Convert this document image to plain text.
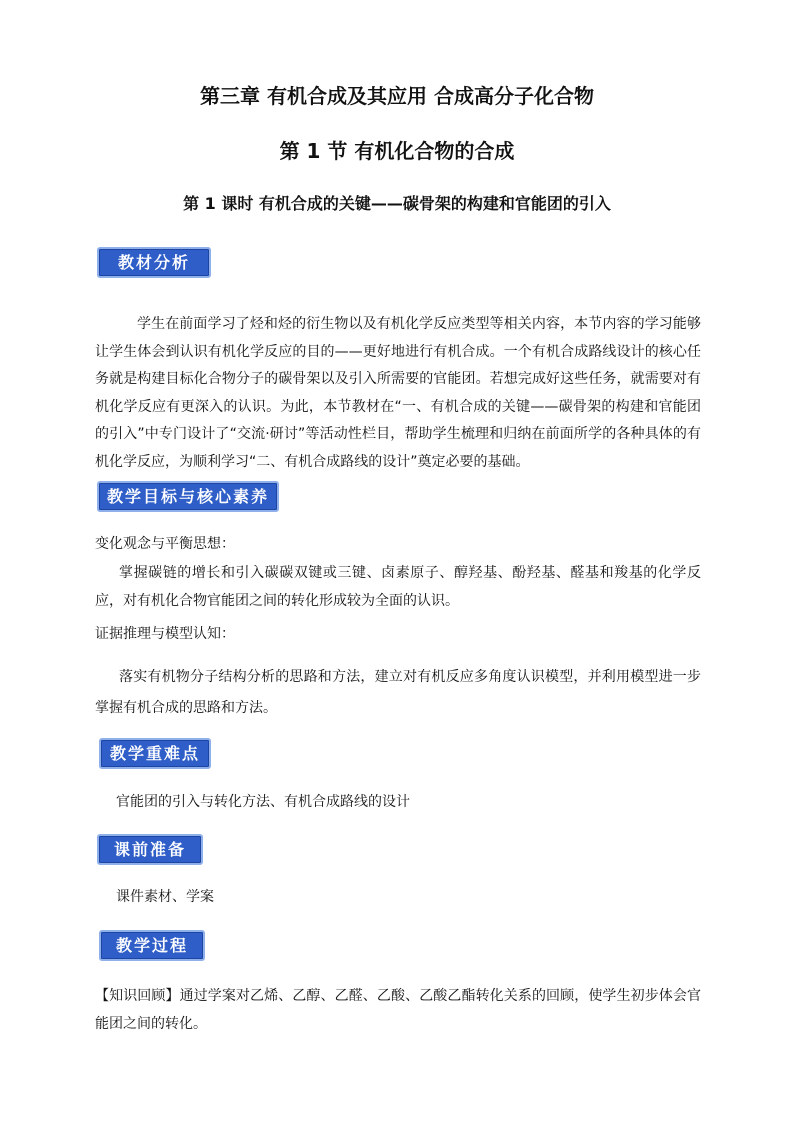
第三章 有机合成及其应用 合成高分子化合物
第 1 节 有机化合物的合成
第 1 课时 有机合成的关键——碳骨架的构建和官能团的引入
教材分析
学生在前面学习了烃和烃的衍生物以及有机化学反应类型等相关内容，本节内容的学习能够让学生体会到认识有机化学反应的目的——更好地进行有机合成。一个有机合成路线设计的核心任务就是构建目标化合物分子的碳骨架以及引入所需要的官能团。若想完成好这些任务，就需要对有机化学反应有更深入的认识。为此，本节教材在“一、有机合成的关键——碳骨架的构建和官能团的引入”中专门设计了“交流·研讨”等活动性栏目，帮助学生梳理和归纳在前面所学的各种具体的有机化学反应，为顺利学习“二、有机合成路线的设计”奠定必要的基础。
教学目标与核心素养
变化观念与平衡思想：
掌握碳链的增长和引入碳碳双键或三键、卤素原子、醇羟基、酚羟基、醛基和羧基的化学反应，对有机化合物官能团之间的转化形成较为全面的认识。
证据推理与模型认知：
落实有机物分子结构分析的思路和方法，建立对有机反应多角度认识模型，并利用模型进一步掌握有机合成的思路和方法。
教学重难点
官能团的引入与转化方法、有机合成路线的设计
课前准备
课件素材、学案
教学过程
【知识回顾】通过学案对乙烯、乙醇、乙醛、乙酸、乙酸乙酯转化关系的回顾，使学生初步体会官能团之间的转化。
